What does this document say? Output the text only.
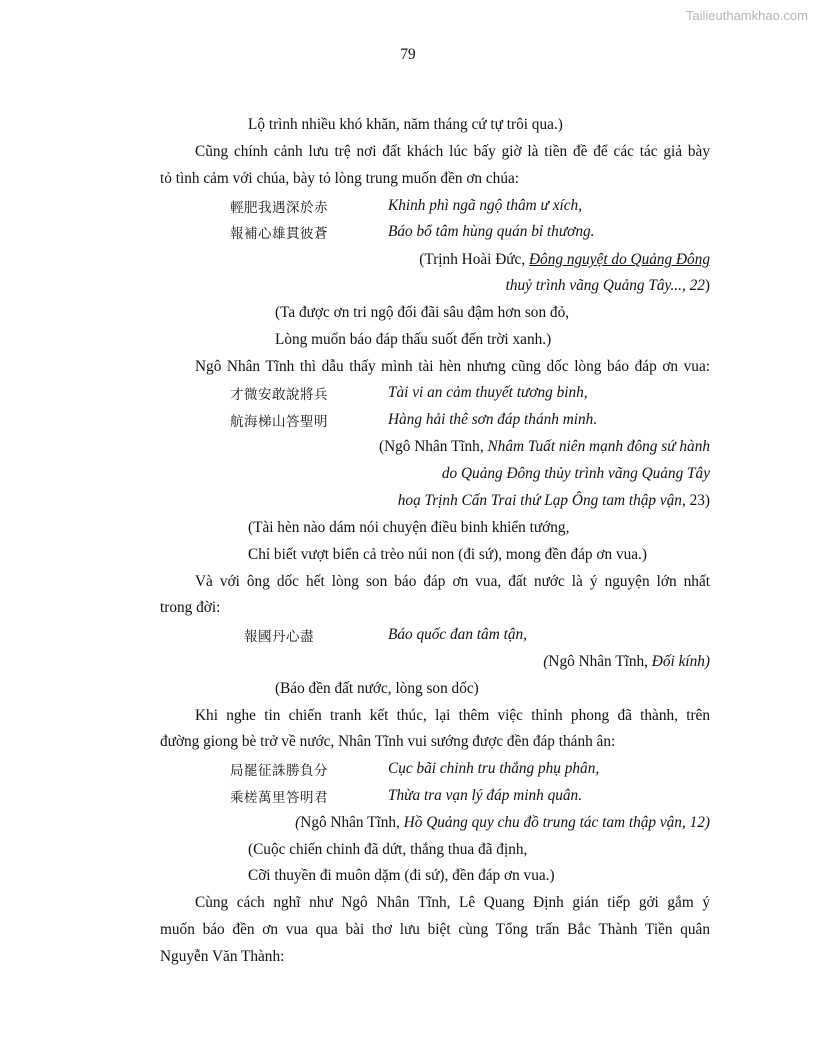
Tailieuthamkhao.com
79
Lộ trình nhiều khó khăn, năm tháng cứ tự trôi qua.)
Cũng chính cảnh lưu trệ nơi đất khách lúc bấy giờ là tiền đề để các tác giả bày
tỏ tình cảm với chúa, bày tỏ lòng trung muốn đền ơn chúa:
輕肥我遇深於赤	Khinh phì ngã ngộ thâm ư xích,
報補心雄貫彼蒼	Báo bổ tâm hùng quán bỉ thương.
(Trịnh Hoài Đức, Đông nguyệt do Quảng Đông
thuỷ trình vãng Quảng Tây..., 22)
(Ta được ơn tri ngộ đối đãi sâu đậm hơn son đỏ,
Lòng muốn báo đáp thấu suốt đến trời xanh.)
Ngô Nhân Tĩnh thì dẫu thấy mình tài hèn nhưng cũng dốc lòng báo đáp ơn vua:
才微安敢說將兵	Tài vi an cảm thuyết tương binh,
航海梯山答聖明	Hàng hải thê sơn đáp thánh minh.
(Ngô Nhân Tĩnh, Nhâm Tuất niên mạnh đông sứ hành
do Quảng Đông thủy trình vãng Quảng Tây
hoạ Trịnh Cấn Trai thứ Lạp Ông tam thập vận, 23)
(Tài hèn nào dám nói chuyện điều binh khiển tướng,
Chỉ biết vượt biển cả trèo núi non (đi sứ), mong đền đáp ơn vua.)
Và với ông dốc hết lòng son báo đáp ơn vua, đất nước là ý nguyện lớn nhất
trong đời:
報國丹心盡	Báo quốc đan tâm tận,
(Ngô Nhân Tĩnh, Đối kính)
(Báo đền đất nước, lòng son dốc)
Khi nghe tin chiến tranh kết thúc, lại thêm việc thỉnh phong đã thành, trên
đường giong bè trở về nước, Nhân Tĩnh vui sướng được đền đáp thánh ân:
局罷征誅勝負分	Cục bãi chinh tru thắng phụ phân,
乘槎萬里答明君	Thừa tra vạn lý đáp minh quân.
(Ngô Nhân Tĩnh, Hồ Quảng quy chu đồ trung tác tam thập vận, 12)
(Cuộc chiến chinh đã dứt, thắng thua đã định,
Cỡi thuyền đi muôn dặm (đi sứ), đền đáp ơn vua.)
Cùng cách nghĩ như Ngô Nhân Tĩnh, Lê Quang Định gián tiếp gởi gắm ý
muốn báo đền ơn vua qua bài thơ lưu biệt cùng Tổng trấn Bắc Thành Tiền quân
Nguyễn Văn Thành:
